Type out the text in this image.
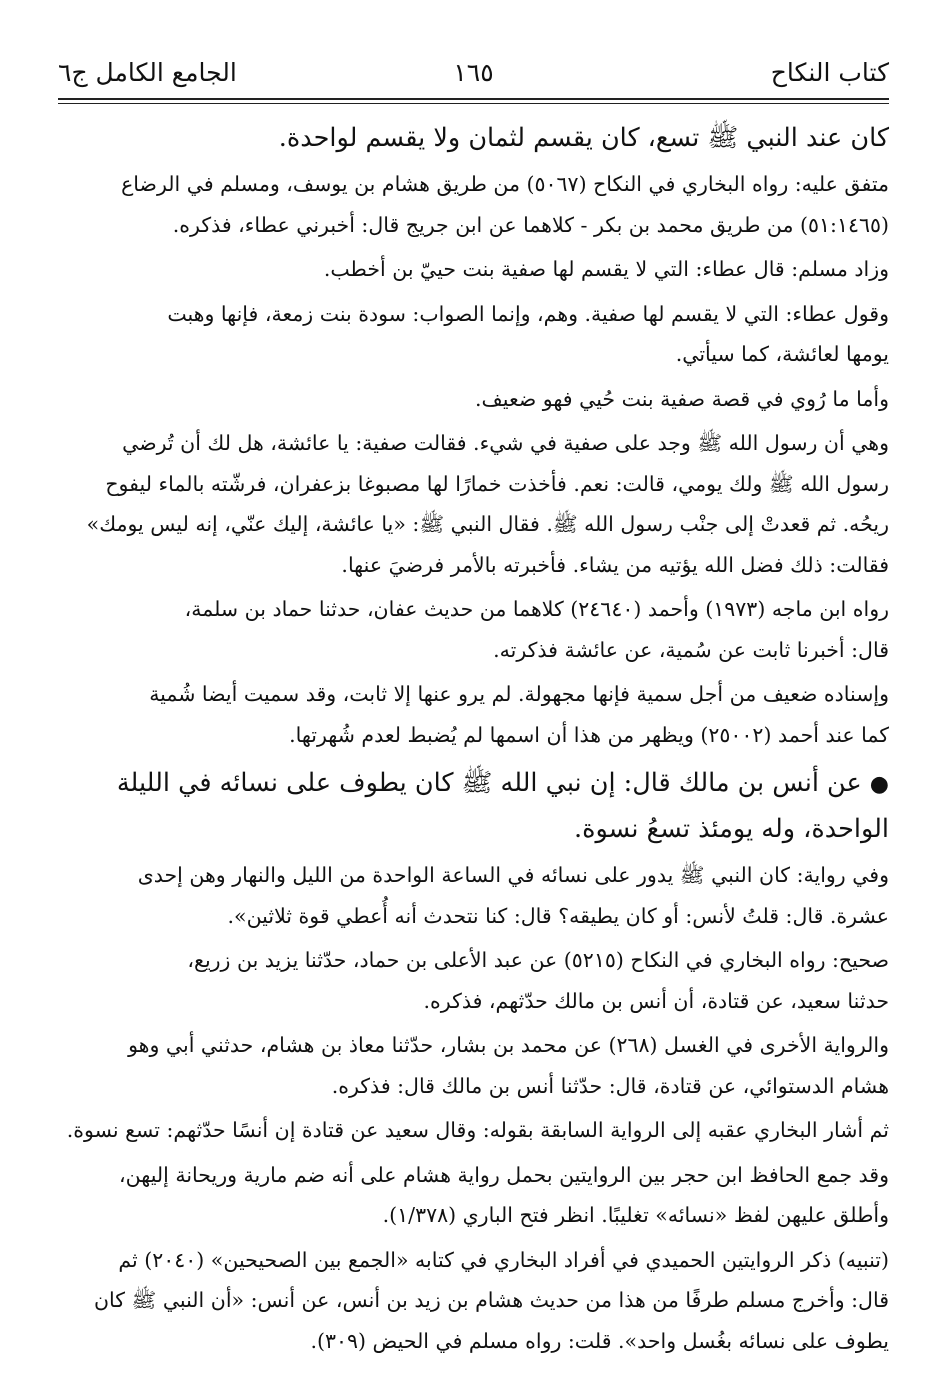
كتاب النكاح
١٦٥
الجامع الكامل ج٦

كان عند النبي ﷺ تسع، كان يقسم لثمان ولا يقسم لواحدة.

متفق عليه: رواه البخاري في النكاح (٥٠٦٧) من طريق هشام بن يوسف، ومسلم في الرضاع

(٥١:١٤٦٥) من طريق محمد بن بكر - كلاهما عن ابن جريج قال: أخبرني عطاء، فذكره.

وزاد مسلم: قال عطاء: التي لا يقسم لها صفية بنت حييّ بن أخطب.

وقول عطاء: التي لا يقسم لها صفية. وهم، وإنما الصواب: سودة بنت زمعة، فإنها وهبت

يومها لعائشة، كما سيأتي.

وأما ما رُوي في قصة صفية بنت حُيي فهو ضعيف.

وهي أن رسول الله ﷺ وجد على صفية في شيء. فقالت صفية: يا عائشة، هل لك أن تُرضي

رسول الله ﷺ ولك يومي، قالت: نعم. فأخذت خمارًا لها مصبوغا بزعفران، فرشّته بالماء ليفوح

ريحُه. ثم قعدتْ إلى جنْب رسول الله ﷺ. فقال النبي ﷺ: «يا عائشة، إليك عنّي، إنه ليس يومك»

فقالت: ذلك فضل الله يؤتيه من يشاء. فأخبرته بالأمر فرضيَ عنها.

رواه ابن ماجه (١٩٧٣) وأحمد (٢٤٦٤٠) كلاهما من حديث عفان، حدثنا حماد بن سلمة،

قال: أخبرنا ثابت عن سُمية، عن عائشة فذكرته.

وإسناده ضعيف من أجل سمية فإنها مجهولة. لم يرو عنها إلا ثابت، وقد سميت أيضا شُمية

كما عند أحمد (٢٥٠٠٢) ويظهر من هذا أن اسمها لم يُضبط لعدم شُهرتها.

● عن أنس بن مالك قال: إن نبي الله ﷺ كان يطوف على نسائه في الليلة

الواحدة، وله يومئذ تسعُ نسوة.

وفي رواية: كان النبي ﷺ يدور على نسائه في الساعة الواحدة من الليل والنهار وهن إحدى

عشرة. قال: قلتُ لأنس: أو كان يطيقه؟ قال: كنا نتحدث أنه أُعطي قوة ثلاثين».

صحيح: رواه البخاري في النكاح (٥٢١٥) عن عبد الأعلى بن حماد، حدّثنا يزيد بن زريع،

حدثنا سعيد، عن قتادة، أن أنس بن مالك حدّثهم، فذكره.

والرواية الأخرى في الغسل (٢٦٨) عن محمد بن بشار، حدّثنا معاذ بن هشام، حدثني أبي وهو

هشام الدستوائي، عن قتادة، قال: حدّثنا أنس بن مالك قال: فذكره.

ثم أشار البخاري عقبه إلى الرواية السابقة بقوله: وقال سعيد عن قتادة إن أنسًا حدّثهم: تسع نسوة.

وقد جمع الحافظ ابن حجر بين الروايتين بحمل رواية هشام على أنه ضم مارية وريحانة إليهن،

وأطلق عليهن لفظ «نسائه» تغليبًا. انظر فتح الباري (١/٣٧٨).

(تنبيه) ذكر الروايتين الحميدي في أفراد البخاري في كتابه «الجمع بين الصحيحين» (٢٠٤٠) ثم

قال: وأخرج مسلم طرفًا من هذا من حديث هشام بن زيد بن أنس، عن أنس: «أن النبي ﷺ كان

يطوف على نسائه بغُسل واحد». قلت: رواه مسلم في الحيض (٣٠٩).
